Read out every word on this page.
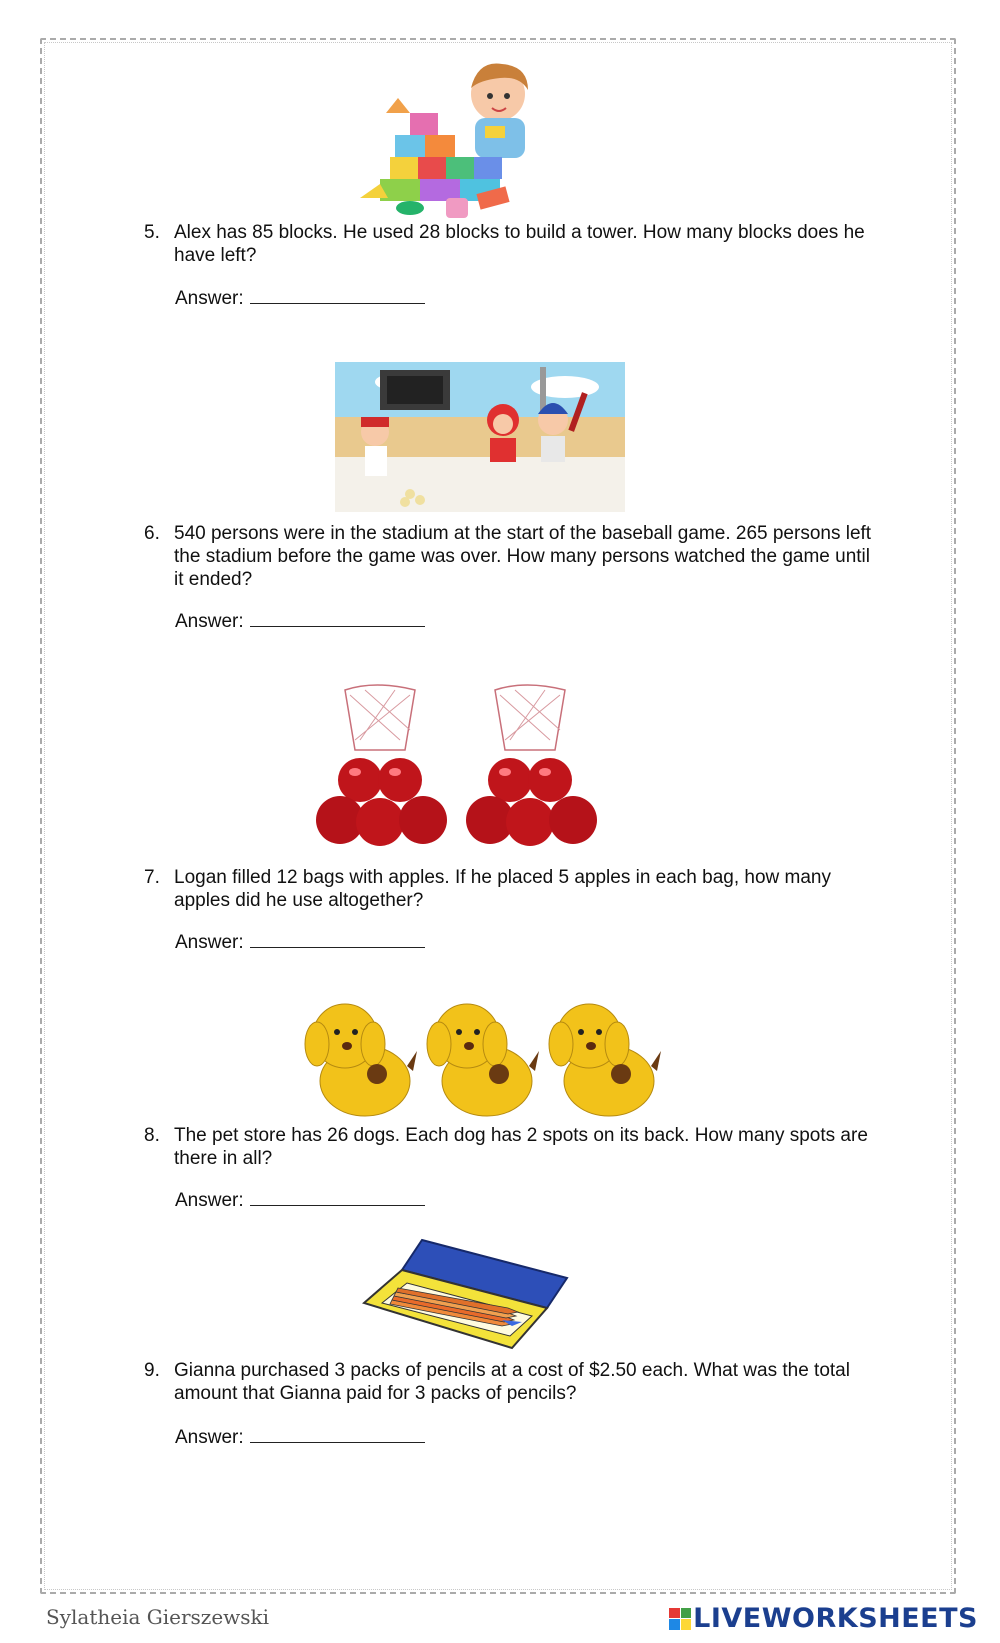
5. Alex has 85 blocks. He used 28 blocks to build a tower. How many blocks does he have left?
Answer:
6. 540 persons were in the stadium at the start of the baseball game. 265 persons left the stadium before the game was over. How many persons watched the game until it ended?
Answer:
7. Logan filled 12 bags with apples. If he placed 5 apples in each bag, how many apples did he use altogether?
Answer:
8. The pet store has 26 dogs. Each dog has 2 spots on its back. How many spots are there in all?
Answer:
9. Gianna purchased 3 packs of pencils at a cost of $2.50 each. What was the total amount that Gianna paid for 3 packs of pencils?
Answer:
Sylatheia Gierszewski	LIVEWORKSHEETS
